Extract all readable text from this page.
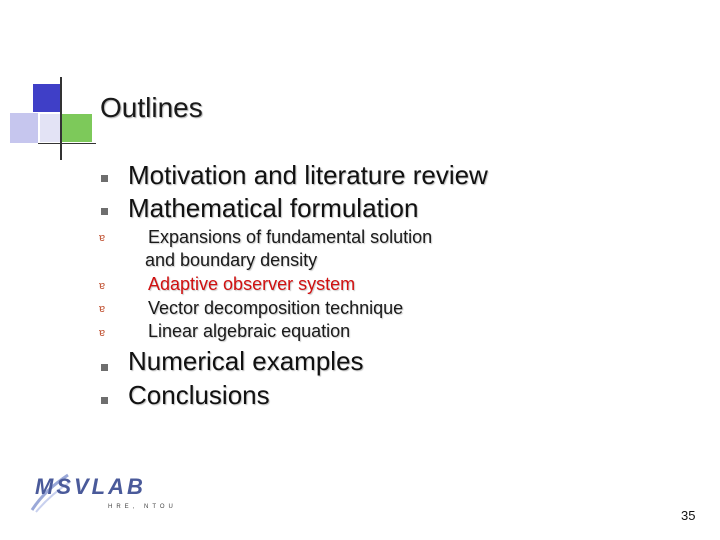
Outlines
Motivation and literature review
Mathematical formulation
ɐ Expansions of fundamental solution
and boundary density
ɐ Adaptive observer system
ɐ Vector decomposition technique
ɐ Linear algebraic equation
Numerical examples
Conclusions
MSVLAB
HRE, NTOU
35
